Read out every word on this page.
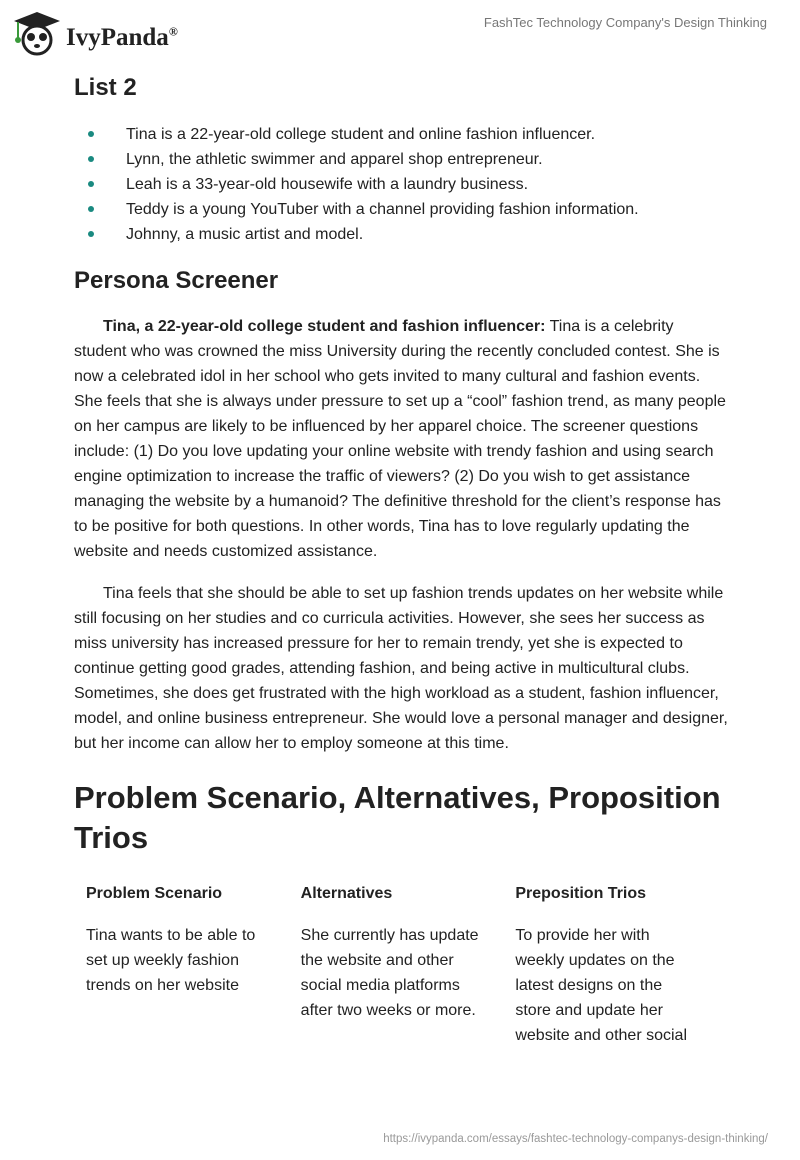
IvyPanda®
FashTec Technology Company's Design Thinking
List 2
Tina is a 22-year-old college student and online fashion influencer.
Lynn, the athletic swimmer and apparel shop entrepreneur.
Leah is a 33-year-old housewife with a laundry business.
Teddy is a young YouTuber with a channel providing fashion information.
Johnny, a music artist and model.
Persona Screener

Tina, a 22-year-old college student and fashion influencer: Tina is a celebrity student who was crowned the miss University during the recently concluded contest. She is now a celebrated idol in her school who gets invited to many cultural and fashion events. She feels that she is always under pressure to set up a “cool” fashion trend, as many people on her campus are likely to be influenced by her apparel choice. The screener questions include: (1) Do you love updating your online website with trendy fashion and using search engine optimization to increase the traffic of viewers? (2) Do you wish to get assistance managing the website by a humanoid? The definitive threshold for the client’s response has to be positive for both questions. In other words, Tina has to love regularly updating the website and needs customized assistance.

Tina feels that she should be able to set up fashion trends updates on her website while still focusing on her studies and co curricula activities. However, she sees her success as miss university has increased pressure for her to remain trendy, yet she is expected to continue getting good grades, attending fashion, and being active in multicultural clubs. Sometimes, she does get frustrated with the high workload as a student, fashion influencer, model, and online business entrepreneur. She would love a personal manager and designer, but her income can allow her to employ someone at this time.

Problem Scenario, Alternatives, Proposition Trios
Problem Scenario
Tina wants to be able to set up weekly fashion trends on her website
Alternatives
She currently has update the website and other social media platforms after two weeks or more.
Preposition Trios
To provide her with weekly updates on the latest designs on the store and update her website and other social
https://ivypanda.com/essays/fashtec-technology-companys-design-thinking/
